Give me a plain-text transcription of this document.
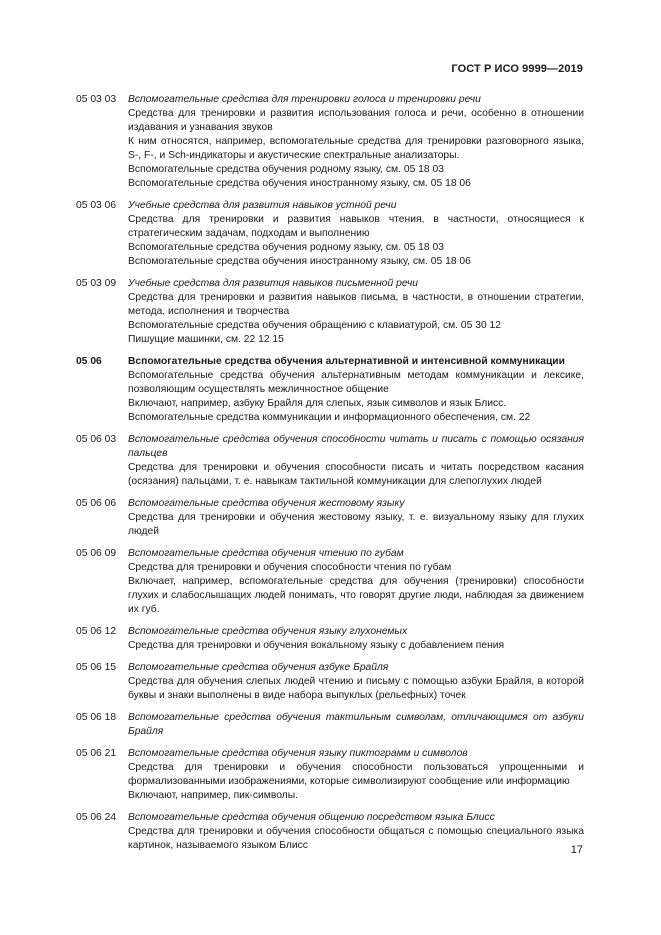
ГОСТ Р ИСО 9999—2019
05 03 03	Вспомогательные средства для тренировки голоса и тренировки речи
Средства для тренировки и развития использования голоса и речи, особенно в отношении издавания и узнавания звуков
К ним относятся, например, вспомогательные средства для тренировки разговорного языка, S-, F-, и Sch-индикаторы и акустические спектральные анализаторы.
Вспомогательные средства обучения родному языку, см. 05 18 03
Вспомогательные средства обучения иностранному языку, см. 05 18 06
05 03 06	Учебные средства для развития навыков устной речи
Средства для тренировки и развития навыков чтения, в частности, относящиеся к стратегическим задачам, подходам и выполнению
Вспомогательные средства обучения родному языку, см. 05 18 03
Вспомогательные средства обучения иностранному языку, см. 05 18 06
05 03 09	Учебные средства для развития навыков письменной речи
Средства для тренировки и развития навыков письма, в частности, в отношении стратегии, метода, исполнения и творчества
Вспомогательные средства обучения обращению с клавиатурой, см. 05 30 12
Пишущие машинки, см. 22 12 15
05 06	Вспомогательные средства обучения альтернативной и интенсивной коммуникации
Вспомогательные средства обучения альтернативным методам коммуникации и лексике, позволяющим осуществлять межличностное общение
Включают, например, азбуку Брайля для слепых, язык символов и язык Блисс.
Вспомогательные средства коммуникации и информационного обеспечения, см. 22
05 06 03	Вспомогательные средства обучения способности читать и писать с помощью осязания пальцев
Средства для тренировки и обучения способности писать и читать посредством касания (осязания) пальцами, т. е. навыкам тактильной коммуникации для слепоглухих людей
05 06 06	Вспомогательные средства обучения жестовому языку
Средства для тренировки и обучения жестовому языку, т. е. визуальному языку для глухих людей
05 06 09	Вспомогательные средства обучения чтению по губам
Средства для тренировки и обучения способности чтения по губам
Включает, например, вспомогательные средства для обучения (тренировки) способности глухих и слабослышащих людей понимать, что говорят другие люди, наблюдая за движением их губ.
05 06 12	Вспомогательные средства обучения языку глухонемых
Средства для тренировки и обучения вокальному языку с добавлением пения
05 06 15	Вспомогательные средства обучения азбуке Брайля
Средства для обучения слепых людей чтению и письму с помощью азбуки Брайля, в которой буквы и знаки выполнены в виде набора выпуклых (рельефных) точек
05 06 18	Вспомогательные средства обучения тактильным символам, отличающимся от азбуки Брайля
05 06 21	Вспомогательные средства обучения языку пиктограмм и символов
Средства для тренировки и обучения способности пользоваться упрощенными и формализованными изображениями, которые символизируют сообщение или информацию
Включают, например, пик-символы.
05 06 24	Вспомогательные средства обучения общению посредством языка Блисс
Средства для тренировки и обучения способности общаться с помощью специального языка картинок, называемого языком Блисс	17
